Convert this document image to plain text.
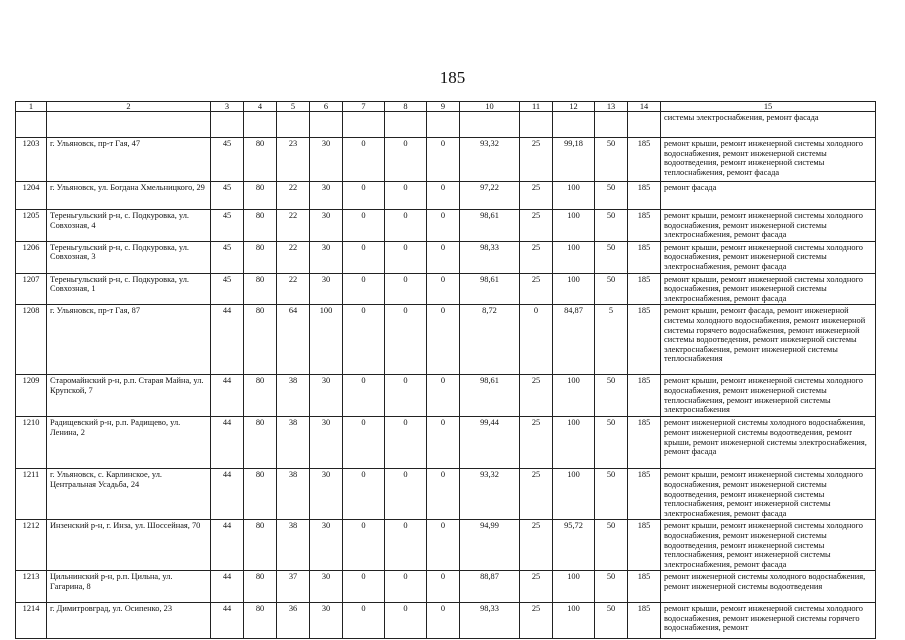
185
1	2	3	4	5	6	7	8	9	10	11	12	13	14	15
														системы электроснабжения, ремонт фасада
1203	г. Ульяновск, пр-т Гая, 47	45	80	23	30	0	0	0	93,32	25	99,18	50	185	ремонт крыши, ремонт инженерной системы холодного водоснабжения, ремонт инженерной системы водоотведения, ремонт инженерной системы теплоснабжения, ремонт фасада
1204	г. Ульяновск, ул. Богдана Хмельницкого, 29	45	80	22	30	0	0	0	97,22	25	100	50	185	ремонт фасада
1205	Тереньгульский р-н, с. Подкуровка, ул. Совхозная, 4	45	80	22	30	0	0	0	98,61	25	100	50	185	ремонт крыши, ремонт инженерной системы холодного водоснабжения, ремонт инженерной системы электроснабжения, ремонт фасада
1206	Тереньгульский р-н, с. Подкуровка, ул. Совхозная, 3	45	80	22	30	0	0	0	98,33	25	100	50	185	ремонт крыши, ремонт инженерной системы холодного водоснабжения, ремонт инженерной системы электроснабжения, ремонт фасада
1207	Тереньгульский р-н, с. Подкуровка, ул. Совхозная, 1	45	80	22	30	0	0	0	98,61	25	100	50	185	ремонт крыши, ремонт инженерной системы холодного водоснабжения, ремонт инженерной системы электроснабжения, ремонт фасада
1208	г. Ульяновск, пр-т Гая, 87	44	80	64	100	0	0	0	8,72	0	84,87	5	185	ремонт крыши, ремонт фасада, ремонт инженерной системы холодного водоснабжения, ремонт инженерной системы горячего водоснабжения, ремонт инженерной системы водоотведения, ремонт инженерной системы электроснабжения, ремонт инженерной системы теплоснабжения
1209	Старомайнский р-н, р.п. Старая Майна, ул. Крупской, 7	44	80	38	30	0	0	0	98,61	25	100	50	185	ремонт крыши, ремонт инженерной системы холодного водоснабжения, ремонт инженерной системы теплоснабжения, ремонт инженерной системы электроснабжения
1210	Радищевский р-н, р.п. Радищево, ул. Ленина, 2	44	80	38	30	0	0	0	99,44	25	100	50	185	ремонт инженерной системы холодного водоснабжения, ремонт инженерной системы водоотведения, ремонт крыши, ремонт инженерной системы электроснабжения, ремонт фасада
1211	г. Ульяновск, с. Карлинское, ул. Центральная Усадьба, 24	44	80	38	30	0	0	0	93,32	25	100	50	185	ремонт крыши, ремонт инженерной системы холодного водоснабжения, ремонт инженерной системы водоотведения, ремонт инженерной системы теплоснабжения, ремонт инженерной системы электроснабжения, ремонт фасада
1212	Инзенский р-н, г. Инза, ул. Шоссейная, 70	44	80	38	30	0	0	0	94,99	25	95,72	50	185	ремонт крыши, ремонт инженерной системы холодного водоснабжения, ремонт инженерной системы водоотведения, ремонт инженерной системы теплоснабжения, ремонт инженерной системы электроснабжения, ремонт фасада
1213	Цильнинский р-н, р.п. Цильна, ул. Гагарина, 8	44	80	37	30	0	0	0	88,87	25	100	50	185	ремонт инженерной системы холодного водоснабжения, ремонт инженерной системы водоотведения
1214	г. Димитровград, ул. Осипенко, 23	44	80	36	30	0	0	0	98,33	25	100	50	185	ремонт крыши, ремонт инженерной системы холодного водоснабжения, ремонт инженерной системы горячего водоснабжения, ремонт
